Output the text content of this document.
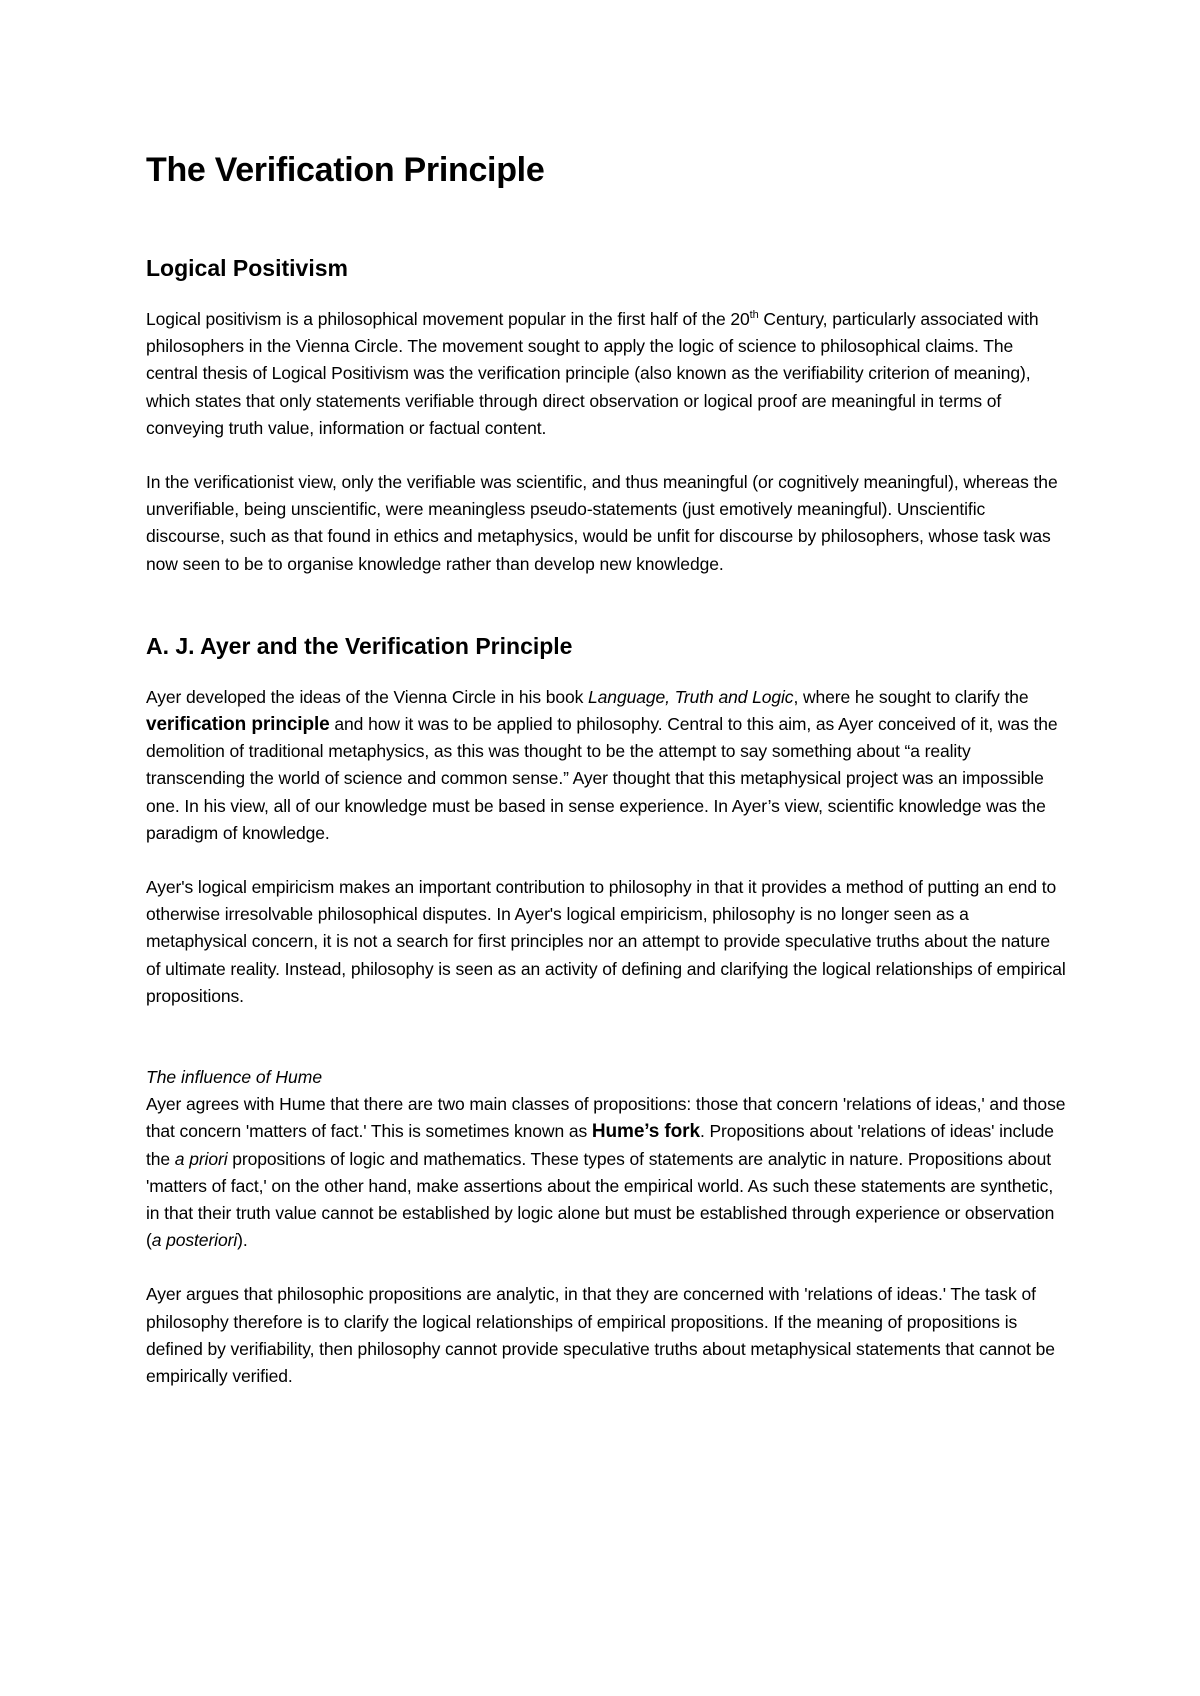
The Verification Principle
Logical Positivism

Logical positivism is a philosophical movement popular in the first half of the 20th Century, particularly associated with philosophers in the Vienna Circle. The movement sought to apply the logic of science to philosophical claims. The central thesis of Logical Positivism was the verification principle (also known as the verifiability criterion of meaning), which states that only statements verifiable through direct observation or logical proof are meaningful in terms of conveying truth value, information or factual content.

In the verificationist view, only the verifiable was scientific, and thus meaningful (or cognitively meaningful), whereas the unverifiable, being unscientific, were meaningless pseudo-statements (just emotively meaningful). Unscientific discourse, such as that found in ethics and metaphysics, would be unfit for discourse by philosophers, whose task was now seen to be to organise knowledge rather than develop new knowledge.

A. J. Ayer and the Verification Principle

Ayer developed the ideas of the Vienna Circle in his book Language, Truth and Logic, where he sought to clarify the verification principle and how it was to be applied to philosophy. Central to this aim, as Ayer conceived of it, was the demolition of traditional metaphysics, as this was thought to be the attempt to say something about “a reality transcending the world of science and common sense.” Ayer thought that this metaphysical project was an impossible one. In his view, all of our knowledge must be based in sense experience. In Ayer’s view, scientific knowledge was the paradigm of knowledge.

Ayer's logical empiricism makes an important contribution to philosophy in that it provides a method of putting an end to otherwise irresolvable philosophical disputes. In Ayer's logical empiricism, philosophy is no longer seen as a metaphysical concern, it is not a search for first principles nor an attempt to provide speculative truths about the nature of ultimate reality. Instead, philosophy is seen as an activity of defining and clarifying the logical relationships of empirical propositions.

The influence of Hume

Ayer agrees with Hume that there are two main classes of propositions: those that concern 'relations of ideas,' and those that concern 'matters of fact.' This is sometimes known as Hume’s fork. Propositions about 'relations of ideas' include the a priori propositions of logic and mathematics. These types of statements are analytic in nature. Propositions about 'matters of fact,' on the other hand, make assertions about the empirical world. As such these statements are synthetic, in that their truth value cannot be established by logic alone but must be established through experience or observation (a posteriori).

Ayer argues that philosophic propositions are analytic, in that they are concerned with 'relations of ideas.' The task of philosophy therefore is to clarify the logical relationships of empirical propositions. If the meaning of propositions is defined by verifiability, then philosophy cannot provide speculative truths about metaphysical statements that cannot be empirically verified.
